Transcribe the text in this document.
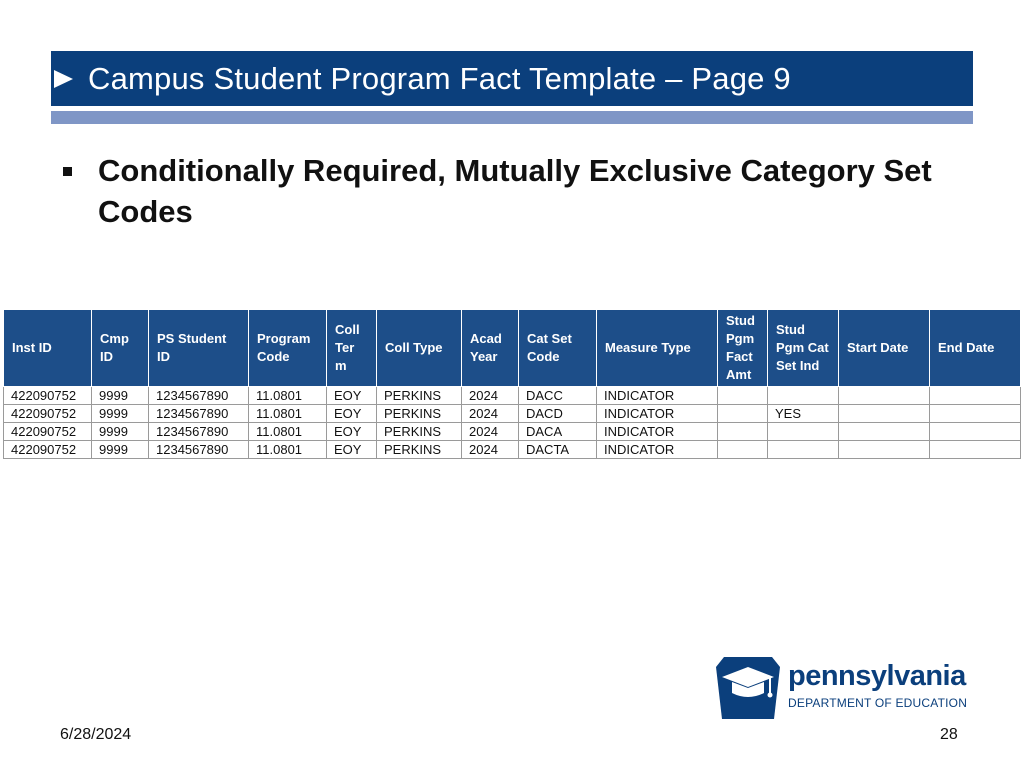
Campus Student Program Fact Template – Page 9
Conditionally Required, Mutually Exclusive Category Set Codes
Inst ID	Cmp ID	PS Student ID	Program Code	Coll Ter m	Coll Type	Acad Year	Cat Set Code	Measure Type	Stud Pgm Fact Amt	Stud Pgm Cat Set Ind	Start Date	End Date
422090752	9999	1234567890	11.0801	EOY	PERKINS	2024	DACC	INDICATOR				
422090752	9999	1234567890	11.0801	EOY	PERKINS	2024	DACD	INDICATOR		YES		
422090752	9999	1234567890	11.0801	EOY	PERKINS	2024	DACA	INDICATOR				
422090752	9999	1234567890	11.0801	EOY	PERKINS	2024	DACTA	INDICATOR				
pennsylvania
DEPARTMENT OF EDUCATION
6/28/2024	28
